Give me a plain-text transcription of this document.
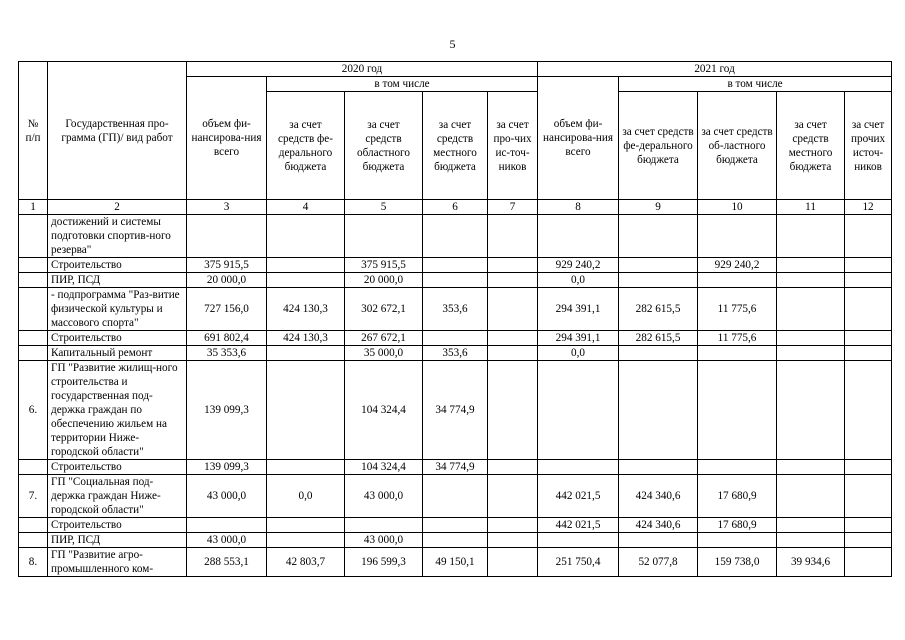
5
№ п/п	Государственная про-грамма (ГП)/ вид работ	2020 год					2021 год				
		объем фи-нансирова-ния всего	в том числе				объем фи-нансирова-ния всего	в том числе			
			за счет средств фе-дерального бюджета	за счет средств областного бюджета	за счет средств местного бюджета	за счет про-чих ис-точ-ников		за счет средств фе-дерального бюджета	за счет средств об-ластного бюджета	за счет средств местного бюджета	за счет прочих источ-ников
1	2	3	4	5	6	7	8	9	10	11	12
	достижений и системы подготовки спортив-ного резерва"										
	Строительство	375 915,5		375 915,5			929 240,2		929 240,2		
	ПИР, ПСД	20 000,0		20 000,0			0,0				
	- подпрограмма "Раз-витие физической культуры и массового спорта"	727 156,0	424 130,3	302 672,1	353,6		294 391,1	282 615,5	11 775,6		
	Строительство	691 802,4	424 130,3	267 672,1			294 391,1	282 615,5	11 775,6		
	Капитальный ремонт	35 353,6		35 000,0	353,6		0,0				
6.	ГП "Развитие жилищ-ного строительства и государственная под-держка граждан по обеспечению жильем на территории Ниже-городской области"	139 099,3		104 324,4	34 774,9						
	Строительство	139 099,3		104 324,4	34 774,9						
7.	ГП "Социальная под-держка граждан Ниже-городской области"	43 000,0	0,0	43 000,0			442 021,5	424 340,6	17 680,9		
	Строительство						442 021,5	424 340,6	17 680,9		
	ПИР, ПСД	43 000,0		43 000,0							
8.	ГП "Развитие агро-промышленного ком-	288 553,1	42 803,7	196 599,3	49 150,1		251 750,4	52 077,8	159 738,0	39 934,6	
